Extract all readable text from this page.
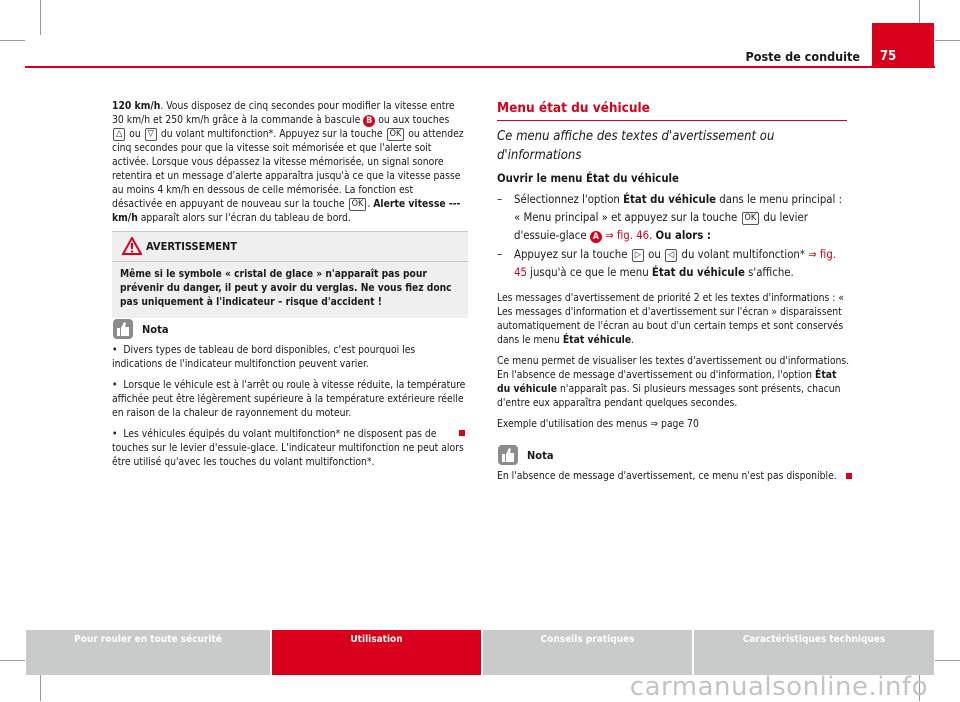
75
Poste de conduite
120 km/h. Vous disposez de cinq secondes pour modifier la vitesse entre 30 km/h et 250 km/h grâce à la commande à bascule B ou aux touches △ ou ▽ du volant multifonction*. Appuyez sur la touche OK ou attendez cinq secondes pour que la vitesse soit mémorisée et que l'alerte soit activée. Lorsque vous dépassez la vitesse mémorisée, un signal sonore retentira et un message d'alerte apparaîtra jusqu'à ce que la vitesse passe au moins 4 km/h en dessous de celle mémorisée. La fonction est désactivée en appuyant de nouveau sur la touche OK . Alerte vitesse --- km/h apparaît alors sur l'écran du tableau de bord.
AVERTISSEMENT
Même si le symbole « cristal de glace » n'apparaît pas pour prévenir du danger, il peut y avoir du verglas. Ne vous fiez donc pas uniquement à l'indicateur – risque d'accident !
Nota

•  Divers types de tableau de bord disponibles, c'est pourquoi les indications de l'indicateur multifonction peuvent varier.

•  Lorsque le véhicule est à l'arrêt ou roule à vitesse réduite, la température affichée peut être légèrement supérieure à la température extérieure réelle en raison de la chaleur de rayonnement du moteur.

•  Les véhicules équipés du volant multifonction* ne disposent pas de touches sur le levier d'essuie-glace. L'indicateur multifonction ne peut alors être utilisé qu'avec les touches du volant multifonction*.

Menu état du véhicule
Ce menu affiche des textes d'avertissement ou d'informations
Ouvrir le menu État du véhicule
– Sélectionnez l'option État du véhicule dans le menu principal : « Menu principal » et appuyez sur la touche OK du levier d'essuie-glace A ⇒ fig. 46. Ou alors :
– Appuyez sur la touche ▷ ou ◁ du volant multifonction* ⇒ fig. 45 jusqu'à ce que le menu État du véhicule s'affiche.

Les messages d'avertissement de priorité 2 et les textes d'informations : « Les messages d'information et d'avertissement sur l'écran » disparaissent automatiquement de l'écran au bout d'un certain temps et sont conservés dans le menu État véhicule.

Ce menu permet de visualiser les textes d'avertissement ou d'informations. En l'absence de message d'avertissement ou d'information, l'option État du véhicule n'apparaît pas. Si plusieurs messages sont présents, chacun d'entre eux apparaîtra pendant quelques secondes.

Exemple d'utilisation des menus ⇒ page 70

Nota
En l'absence de message d'avertissement, ce menu n'est pas disponible.
Pour rouler en toute sécurité	Utilisation	Conseils pratiques	Caractéristiques techniques
carmanualsonline.info
